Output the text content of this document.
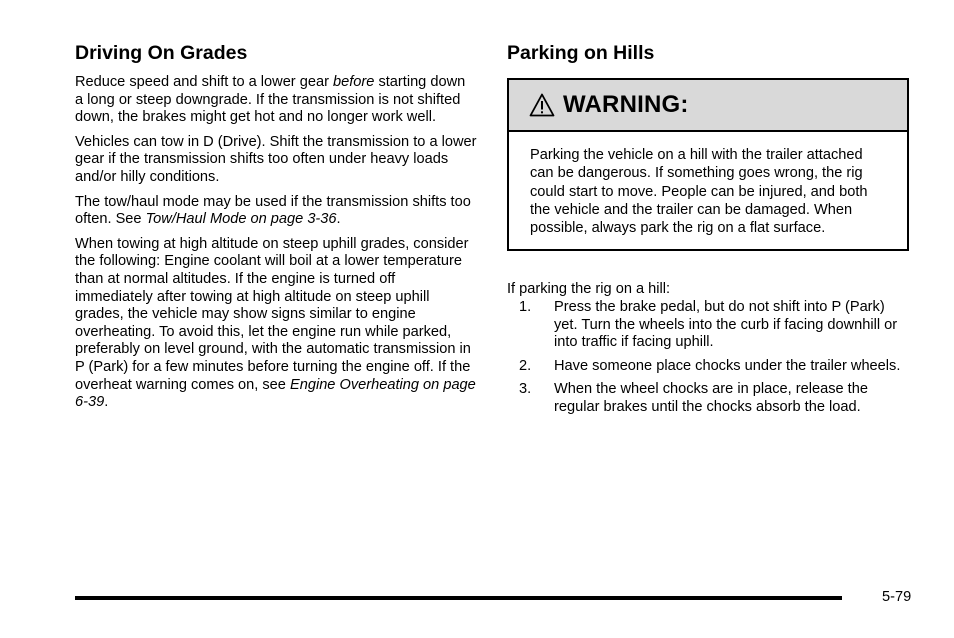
Driving On Grades

Reduce speed and shift to a lower gear before starting down a long or steep downgrade. If the transmission is not shifted down, the brakes might get hot and no longer work well.

Vehicles can tow in D (Drive). Shift the transmission to a lower gear if the transmission shifts too often under heavy loads and/or hilly conditions.

The tow/haul mode may be used if the transmission shifts too often. See Tow/Haul Mode on page 3-36.

When towing at high altitude on steep uphill grades, consider the following: Engine coolant will boil at a lower temperature than at normal altitudes. If the engine is turned off immediately after towing at high altitude on steep uphill grades, the vehicle may show signs similar to engine overheating. To avoid this, let the engine run while parked, preferably on level ground, with the automatic transmission in P (Park) for a few minutes before turning the engine off. If the overheat warning comes on, see Engine Overheating on page 6-39.

Parking on Hills
WARNING:
Parking the vehicle on a hill with the trailer attached can be dangerous. If something goes wrong, the rig could start to move. People can be injured, and both the vehicle and the trailer can be damaged. When possible, always park the rig on a flat surface.
If parking the rig on a hill:
1.	Press the brake pedal, but do not shift into P (Park) yet. Turn the wheels into the curb if facing downhill or into traffic if facing uphill.
2.	Have someone place chocks under the trailer wheels.
3.	When the wheel chocks are in place, release the regular brakes until the chocks absorb the load.
5-79
